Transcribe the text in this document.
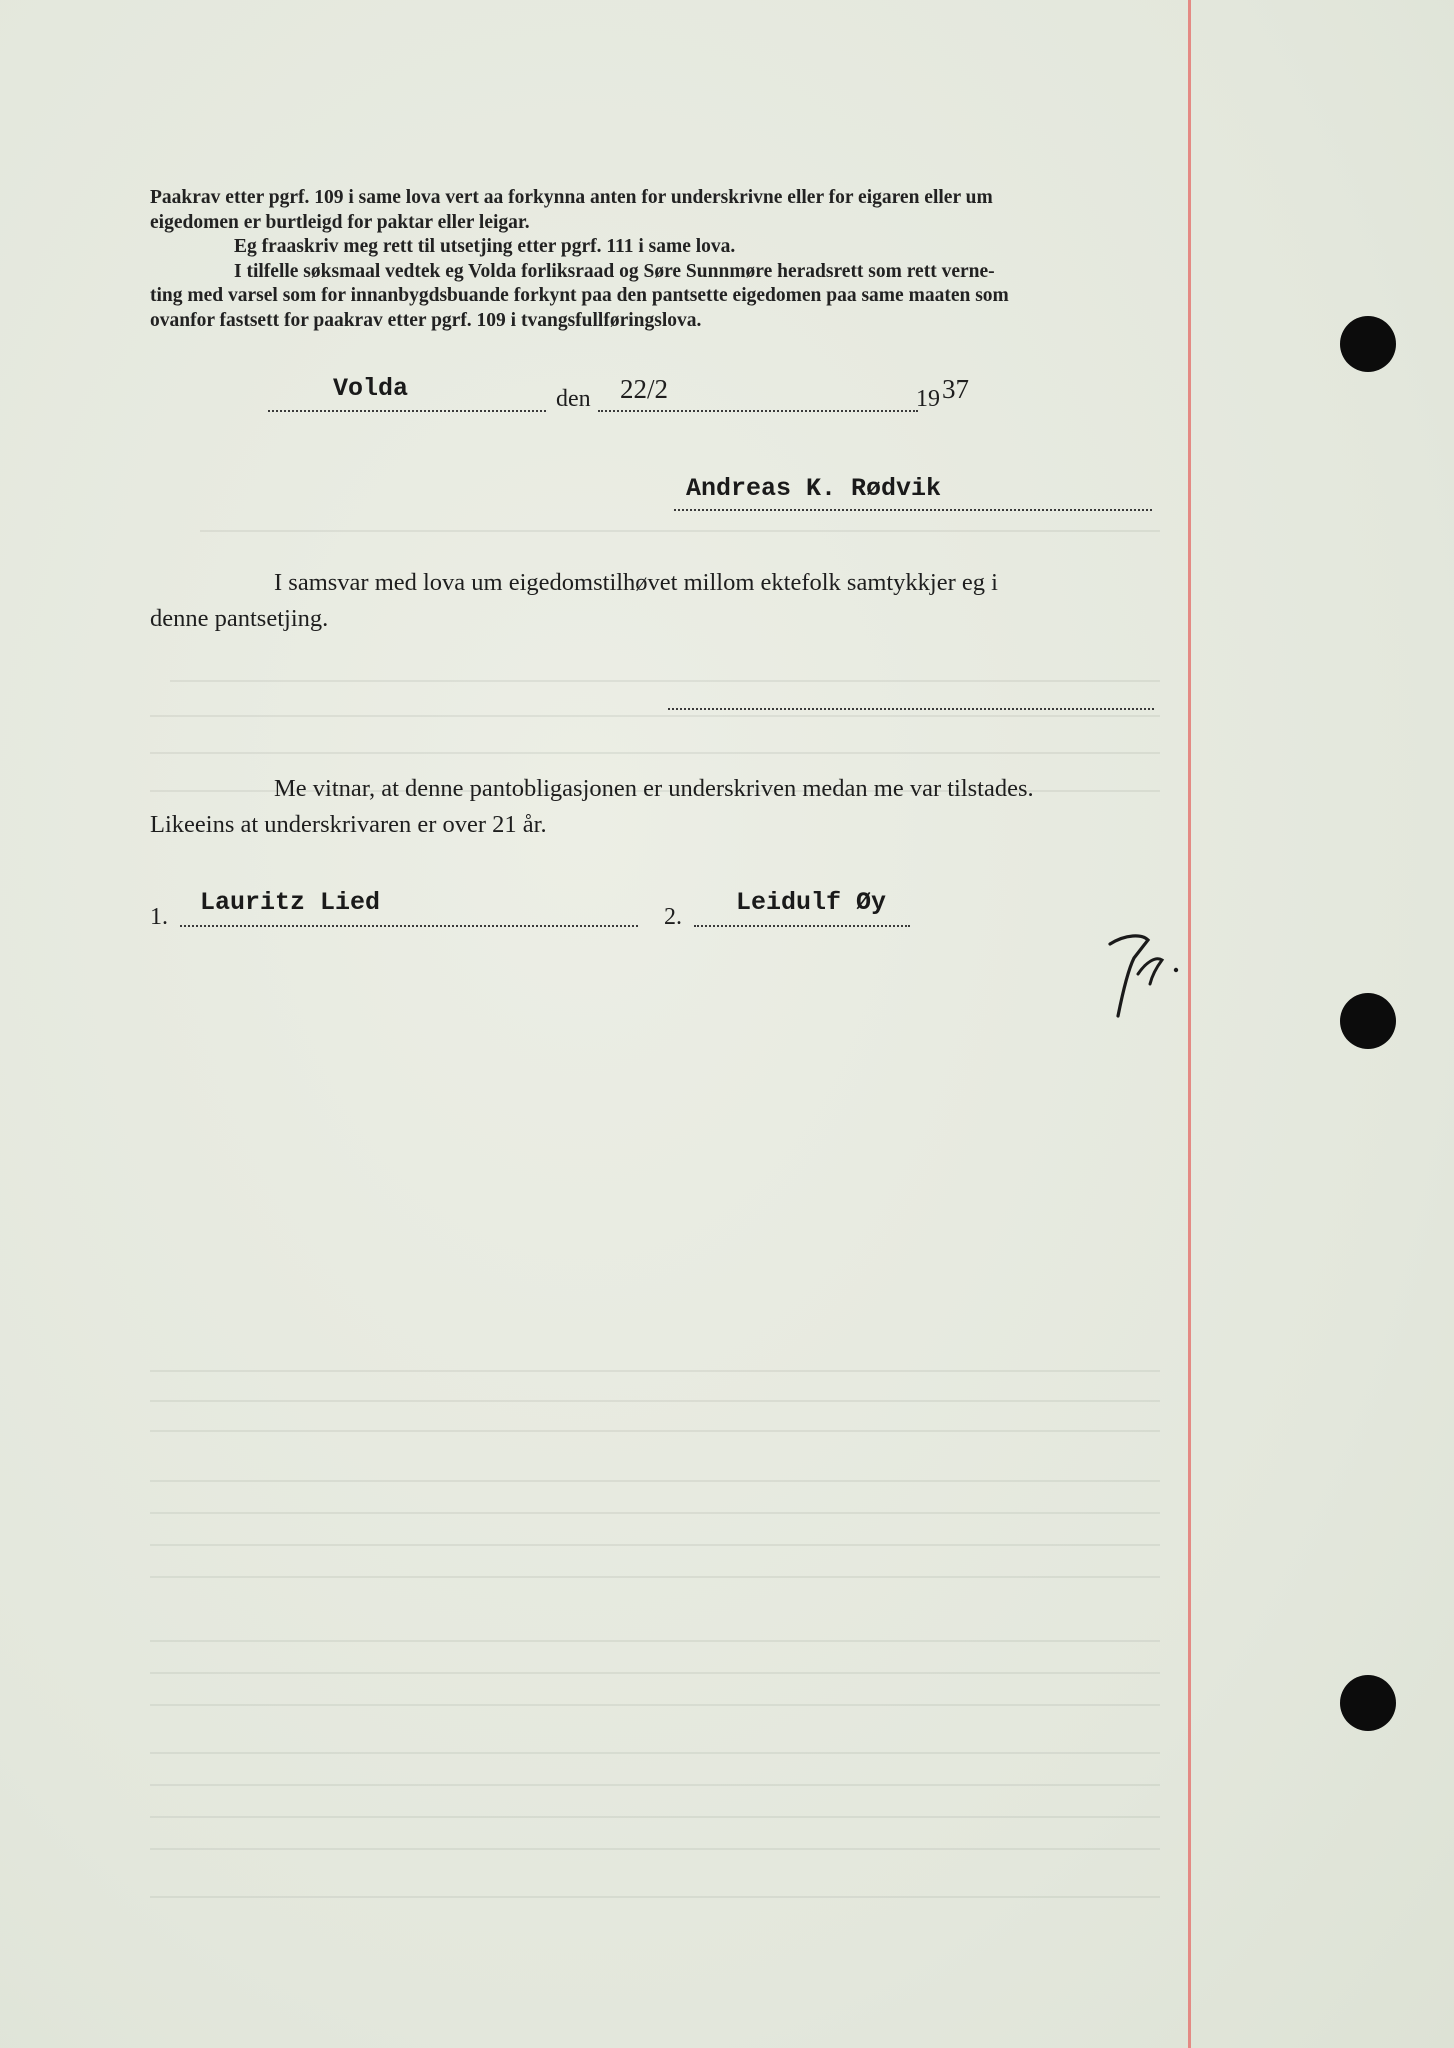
Paakrav etter pgrf. 109 i same lova vert aa forkynna anten for underskrivne eller for eigaren eller um

eigedomen er burtleigd for paktar eller leigar.

Eg fraaskriv meg rett til utsetjing etter pgrf. 111 i same lova.

I tilfelle søksmaal vedtek eg Volda forliksraad og Søre Sunnmøre heradsrett som rett verne-

ting med varsel som for innanbygdsbuande forkynt paa den pantsette eigedomen paa same maaten som

ovanfor fastsett for paakrav etter pgrf. 109 i tvangsfullføringslova.

Volda	den 22/2	19 37
Andreas K. Rødvik

I samsvar med lova um eigedomstilhøvet millom ektefolk samtykkjer eg i

denne pantsetjing.

Me vitnar, at denne pantobligasjonen er underskriven medan me var tilstades.

Likeeins at underskrivaren er over 21 år.

1. Lauritz Lied	2. Leidulf Øy
